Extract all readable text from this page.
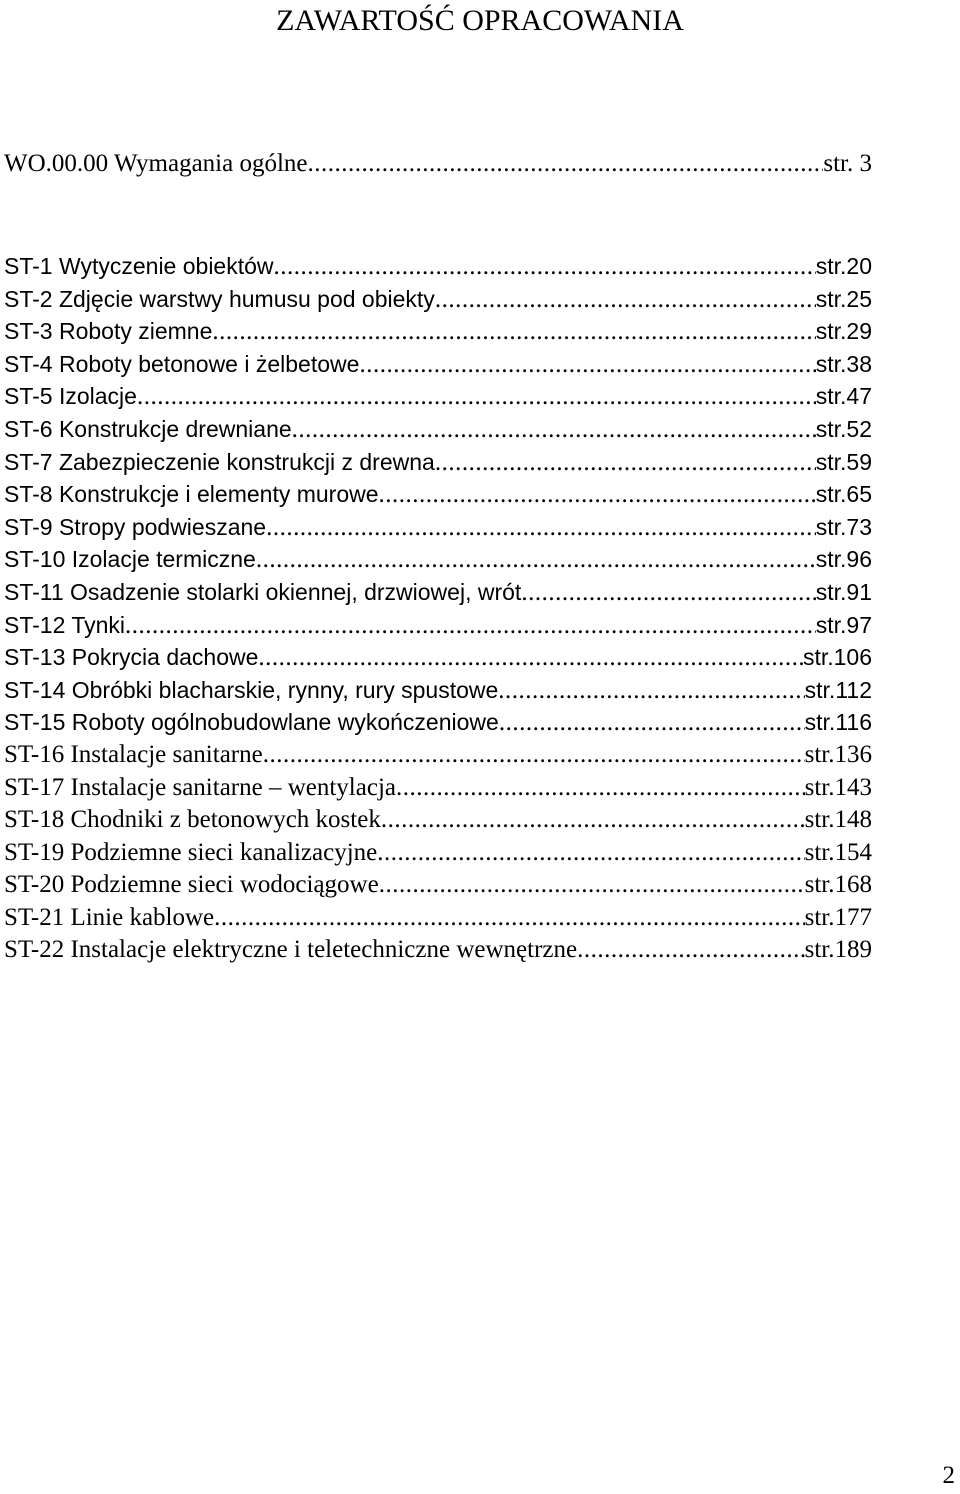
ZAWARTOŚĆ OPRACOWANIA
WO.00.00 Wymagania ogólne .....	str. 3
ST-1 Wytyczenie obiektów .....	str.20
ST-2 Zdjęcie warstwy humusu pod obiekty .....	str.25
ST-3 Roboty ziemne .....	str.29
ST-4 Roboty betonowe i żelbetowe .....	str.38
ST-5 Izolacje .....	str.47
ST-6 Konstrukcje drewniane .....	str.52
ST-7 Zabezpieczenie konstrukcji z drewna .....	str.59
ST-8 Konstrukcje i elementy murowe .....	str.65
ST-9 Stropy podwieszane .....	str.73
ST-10 Izolacje termiczne .....	str.96
ST-11 Osadzenie stolarki okiennej, drzwiowej, wrót .....	str.91
ST-12 Tynki .....	str.97
ST-13 Pokrycia dachowe .....	str.106
ST-14 Obróbki blacharskie, rynny, rury spustowe .....	str.112
ST-15 Roboty ogólnobudowlane wykończeniowe .....	str.116
ST-16 Instalacje sanitarne .....	str.136
ST-17 Instalacje sanitarne – wentylacja .....	str.143
ST-18 Chodniki z betonowych kostek .....	str.148
ST-19 Podziemne sieci kanalizacyjne .....	str.154
ST-20 Podziemne sieci wodociągowe .....	str.168
ST-21 Linie kablowe .....	str.177
ST-22 Instalacje elektryczne i teletechniczne wewnętrzne .....	str.189
2
